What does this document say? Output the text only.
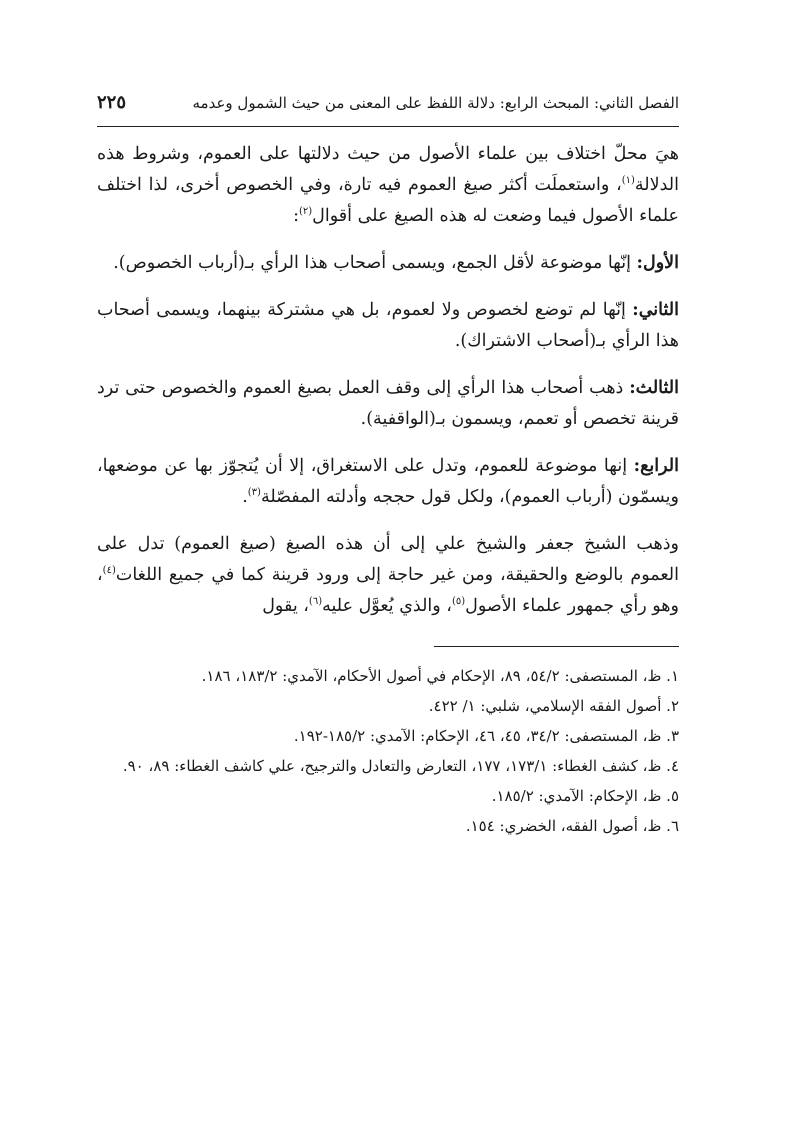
الفصل الثاني: المبحث الرابع: دلالة اللفظ على المعنى من حيث الشمول وعدمه
٢٢٥

هيَ محلّ اختلاف بين علماء الأصول من حيث دلالتها على العموم، وشروط هذه الدلالة$^{(١)}$، واستعملَت أكثر صيغ العموم فيه تارة، وفي الخصوص أخرى، لذا اختلف علماء الأصول فيما وضعت له هذه الصيغ على أقوال$^{(٢)}$:

الأول: إنّها موضوعة لأقل الجمع، ويسمى أصحاب هذا الرأي بـ(أرباب الخصوص).

الثاني: إنّها لم توضع لخصوص ولا لعموم، بل هي مشتركة بينهما، ويسمى أصحاب هذا الرأي بـ(أصحاب الاشتراك).

الثالث: ذهب أصحاب هذا الرأي إلى وقف العمل بصيغ العموم والخصوص حتى ترد قرينة تخصص أو تعمم، ويسمون بـ(الواقفية).

الرابع: إنها موضوعة للعموم، وتدل على الاستغراق، إلا أن يُتجوّز بها عن موضعها، ويسمّون (أرباب العموم)، ولكل قول حججه وأدلته المفصّلة$^{(٣)}$.

وذهب الشيخ جعفر والشيخ علي إلى أن هذه الصيغ (صيغ العموم) تدل على العموم بالوضع والحقيقة، ومن غير حاجة إلى ورود قرينة كما في جميع اللغات$^{(٤)}$، وهو رأي جمهور علماء الأصول$^{(٥)}$، والذي يُعوَّل عليه$^{(٦)}$، يقول

١. ظ، المستصفى: ٥٤/٢، ٨٩، الإحكام في أصول الأحكام، الآمدي: ١٨٣/٢، ١٨٦.
٢. أصول الفقه الإسلامي، شلبي: ١/ ٤٢٢.
٣. ظ، المستصفى: ٣٤/٢، ٤٥، ٤٦، الإحكام: الآمدي: ١٨٥/٢-١٩٢.
٤. ظ، كشف الغطاء: ١٧٣/١، ١٧٧، التعارض والتعادل والترجيح، علي كاشف الغطاء: ٨٩، ٩٠.
٥. ظ، الإحكام: الآمدي: ١٨٥/٢.
٦. ظ، أصول الفقه، الخضري: ١٥٤.
